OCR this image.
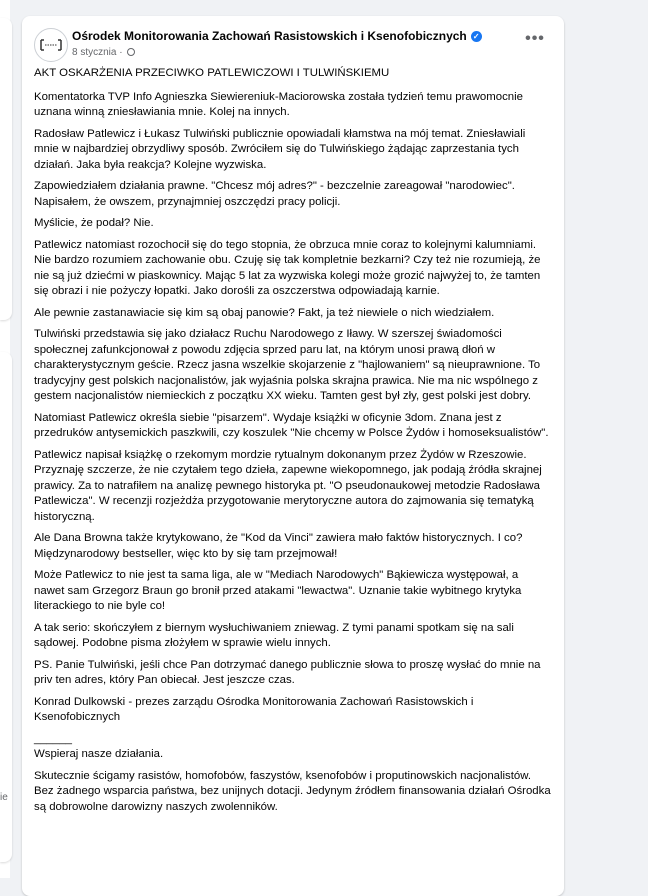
ie
Ośrodek Monitorowania Zachowań Rasistowskich i Ksenofobicznych ✓
8 stycznia ·
•••

AKT OSKARŻENIA PRZECIWKO PATLEWICZOWI I TULWIŃSKIEMU

Komentatorka TVP Info Agnieszka Siewiereniuk-Maciorowska została tydzień temu prawomocnie uznana winną zniesławiania mnie. Kolej na innych.

Radosław Patlewicz i Łukasz Tulwiński publicznie opowiadali kłamstwa na mój temat. Zniesławiali mnie w najbardziej obrzydliwy sposób. Zwróciłem się do Tulwińskiego żądając zaprzestania tych działań. Jaka była reakcja? Kolejne wyzwiska.

Zapowiedziałem działania prawne. "Chcesz mój adres?" - bezczelnie zareagował "narodowiec". Napisałem, że owszem, przynajmniej oszczędzi pracy policji.

Myślicie, że podał? Nie.

Patlewicz natomiast rozochocił się do tego stopnia, że obrzuca mnie coraz to kolejnymi kalumniami.
Nie bardzo rozumiem zachowanie obu. Czuję się tak kompletnie bezkarni? Czy też nie rozumieją, że nie są już dziećmi w piaskownicy. Mając 5 lat za wyzwiska kolegi może grozić najwyżej to, że tamten się obrazi i nie pożyczy łopatki. Jako dorośli za oszczerstwa odpowiadają karnie.

Ale pewnie zastanawiacie się kim są obaj panowie? Fakt, ja też niewiele o nich wiedziałem.

Tulwiński przedstawia się jako działacz Ruchu Narodowego z Iławy. W szerszej świadomości społecznej zafunkcjonował z powodu zdjęcia sprzed paru lat, na którym unosi prawą dłoń w charakterystycznym geście. Rzecz jasna wszelkie skojarzenie z "hajlowaniem" są nieuprawnione. To tradycyjny gest polskich nacjonalistów, jak wyjaśnia polska skrajna prawica. Nie ma nic wspólnego z gestem nacjonalistów niemieckich z początku XX wieku. Tamten gest był zły, gest polski jest dobry.

Natomiast Patlewicz określa siebie "pisarzem". Wydaje książki w oficynie 3dom. Znana jest z przedruków antysemickich paszkwili, czy koszulek "Nie chcemy w Polsce Żydów i homoseksualistów".

Patlewicz napisał książkę o rzekomym mordzie rytualnym dokonanym przez Żydów w Rzeszowie. Przyznaję szczerze, że nie czytałem tego dzieła, zapewne wiekopomnego, jak podają źródła skrajnej prawicy. Za to natrafiłem na analizę pewnego historyka pt. "O pseudonaukowej metodzie Radosława Patlewicza". W recenzji rozjeżdża przygotowanie merytoryczne autora do zajmowania się tematyką historyczną.

Ale Dana Browna także krytykowano, że "Kod da Vinci" zawiera mało faktów historycznych. I co? Międzynarodowy bestseller, więc kto by się tam przejmował!

Może Patlewicz to nie jest ta sama liga, ale w "Mediach Narodowych" Bąkiewicza występował, a nawet sam Grzegorz Braun go bronił przed atakami "lewactwa". Uznanie takie wybitnego krytyka literackiego to nie byle co!

A tak serio: skończyłem z biernym wysłuchiwaniem zniewag. Z tymi panami spotkam się na sali sądowej. Podobne pisma złożyłem w sprawie wielu innych.

PS. Panie Tulwiński, jeśli chce Pan dotrzymać danego publicznie słowa to proszę wysłać do mnie na priv ten adres, który Pan obiecał. Jest jeszcze czas.

Konrad Dulkowski - prezes zarządu Ośrodka Monitorowania Zachowań Rasistowskich i Ksenofobicznych

______
Wspieraj nasze działania.

Skutecznie ścigamy rasistów, homofobów, faszystów, ksenofobów i proputinowskich nacjonalistów. Bez żadnego wsparcia państwa, bez unijnych dotacji. Jedynym źródłem finansowania działań Ośrodka są dobrowolne darowizny naszych zwolenników.
